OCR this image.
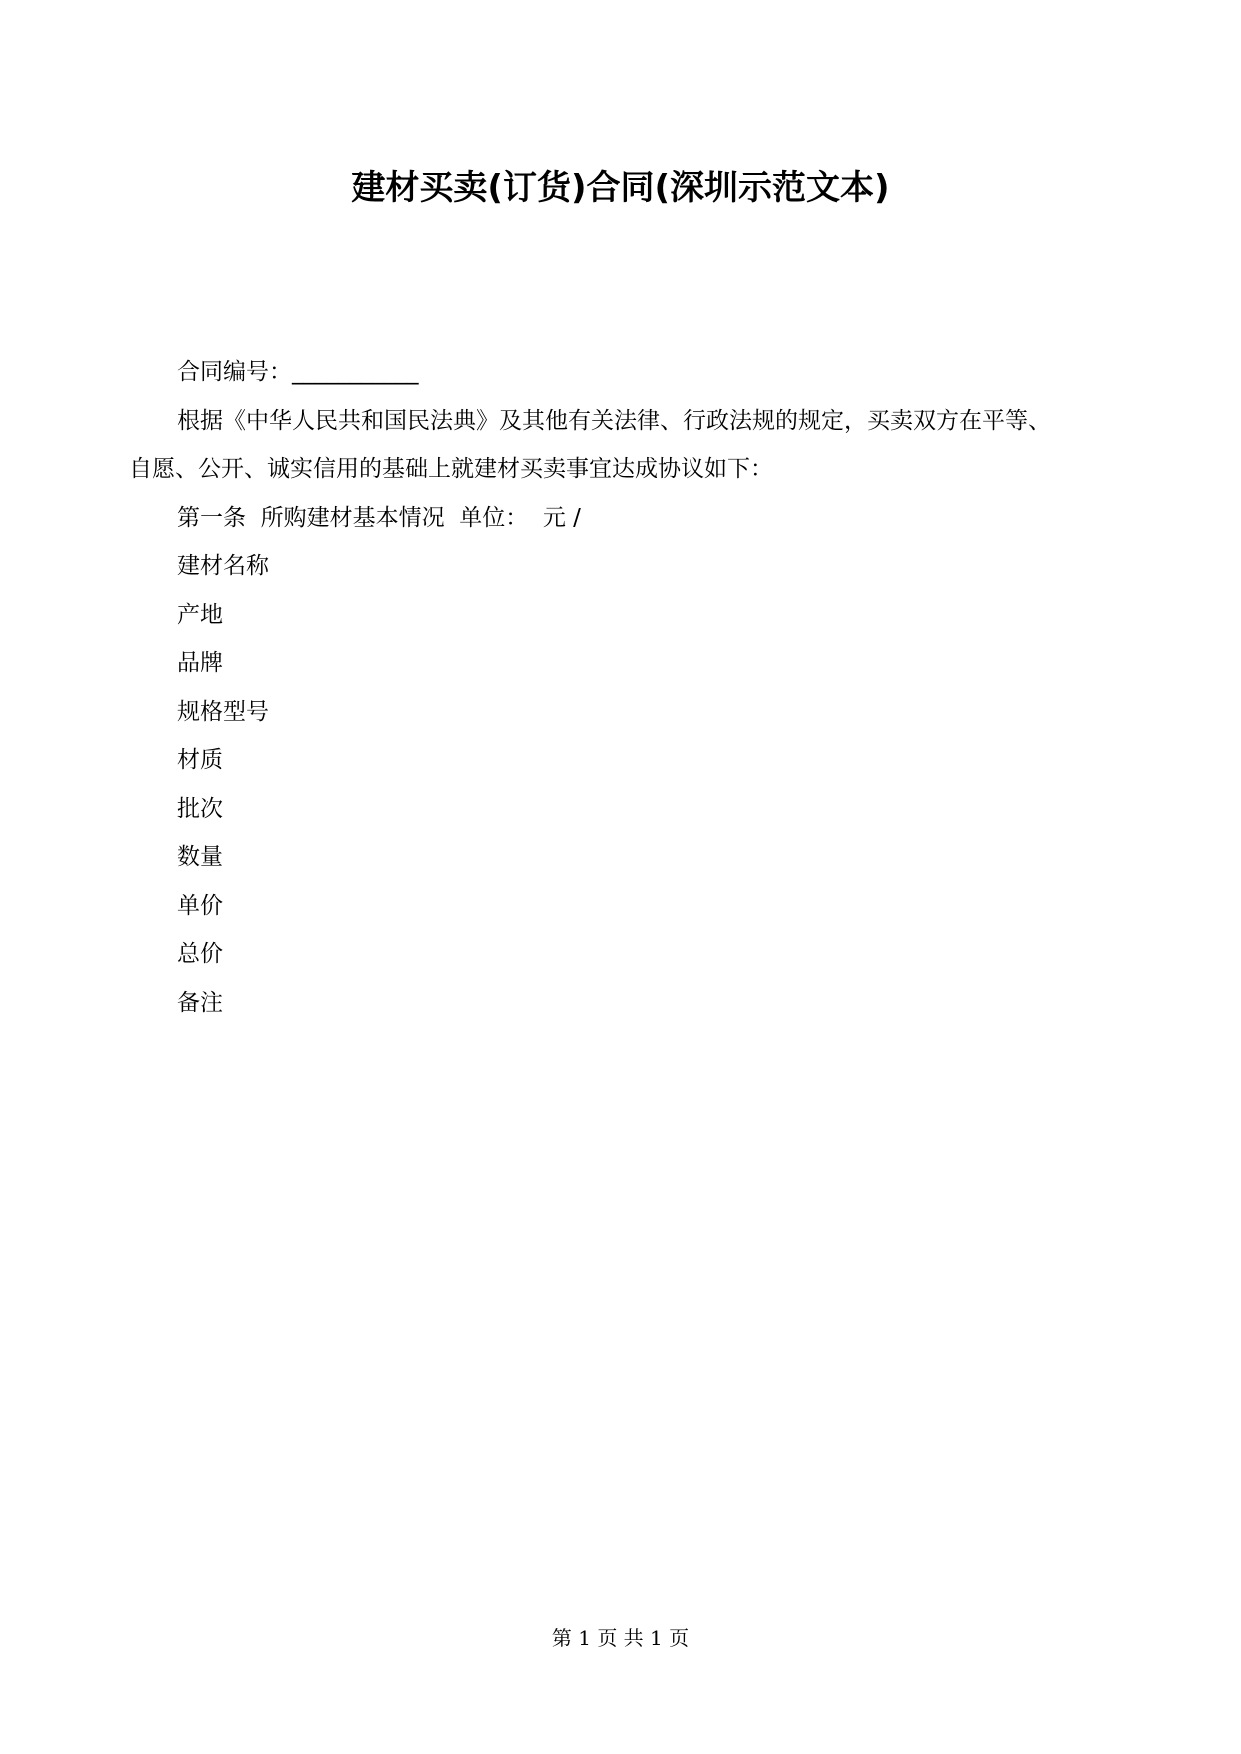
建材买卖(订货)合同(深圳示范文本)

合同编号：___________

根据《中华人民共和国民法典》及其他有关法律、行政法规的规定，买卖双方在平等、
自愿、公开、诚实信用的基础上就建材买卖事宜达成协议如下：

第一条  所购建材基本情况  单位：  元 /

建材名称

产地

品牌

规格型号

材质

批次

数量

单价

总价

备注

第 1 页 共 1 页
